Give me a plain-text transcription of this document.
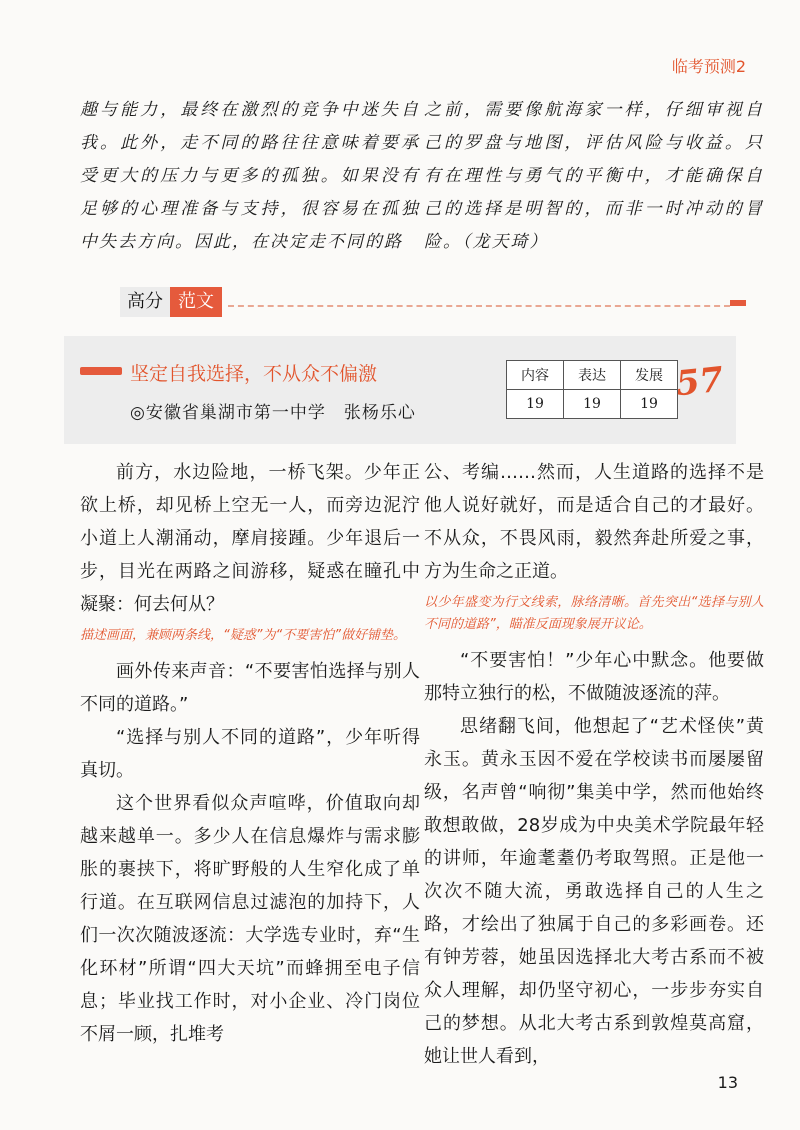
临考预测2

趣与能力，最终在激烈的竞争中迷失自我。此外，走不同的路往往意味着要承受更大的压力与更多的孤独。如果没有足够的心理准备与支持，很容易在孤独中失去方向。因此，在决定走不同的路

之前，需要像航海家一样，仔细审视自己的罗盘与地图，评估风险与收益。只有在理性与勇气的平衡中，才能确保自己的选择是明智的，而非一时冲动的冒险。（龙天琦）

高分 范文
坚定自我选择，不从众不偏激
◎安徽省巢湖市第一中学　张杨乐心
内容	表达	发展
19	19	19 57

前方，水边险地，一桥飞架。少年正欲上桥，却见桥上空无一人，而旁边泥泞小道上人潮涌动，摩肩接踵。少年退后一步，目光在两路之间游移，疑惑在瞳孔中凝聚：何去何从？

描述画面，兼顾两条线，“疑惑”为“不要害怕”做好铺垫。

画外传来声音：“不要害怕选择与别人不同的道路。”

“选择与别人不同的道路”，少年听得真切。

这个世界看似众声喧哗，价值取向却越来越单一。多少人在信息爆炸与需求膨胀的裹挟下，将旷野般的人生窄化成了单行道。在互联网信息过滤泡的加持下，人们一次次随波逐流：大学选专业时，弃“生化环材”所谓“四大天坑”而蜂拥至电子信息；毕业找工作时，对小企业、冷门岗位不屑一顾，扎堆考

公、考编……然而，人生道路的选择不是他人说好就好，而是适合自己的才最好。不从众，不畏风雨，毅然奔赴所爱之事，方为生命之正道。

以少年盛变为行文线索，脉络清晰。首先突出“选择与别人不同的道路”，瞄准反面现象展开议论。

“不要害怕！”少年心中默念。他要做那特立独行的松，不做随波逐流的萍。

思绪翻飞间，他想起了“艺术怪侠”黄永玉。黄永玉因不爱在学校读书而屡屡留级，名声曾“响彻”集美中学，然而他始终敢想敢做，28岁成为中央美术学院最年轻的讲师，年逾耄耋仍考取驾照。正是他一次次不随大流，勇敢选择自己的人生之路，才绘出了独属于自己的多彩画卷。还有钟芳蓉，她虽因选择北大考古系而不被众人理解，却仍坚守初心，一步步夯实自己的梦想。从北大考古系到敦煌莫高窟，她让世人看到，

13
